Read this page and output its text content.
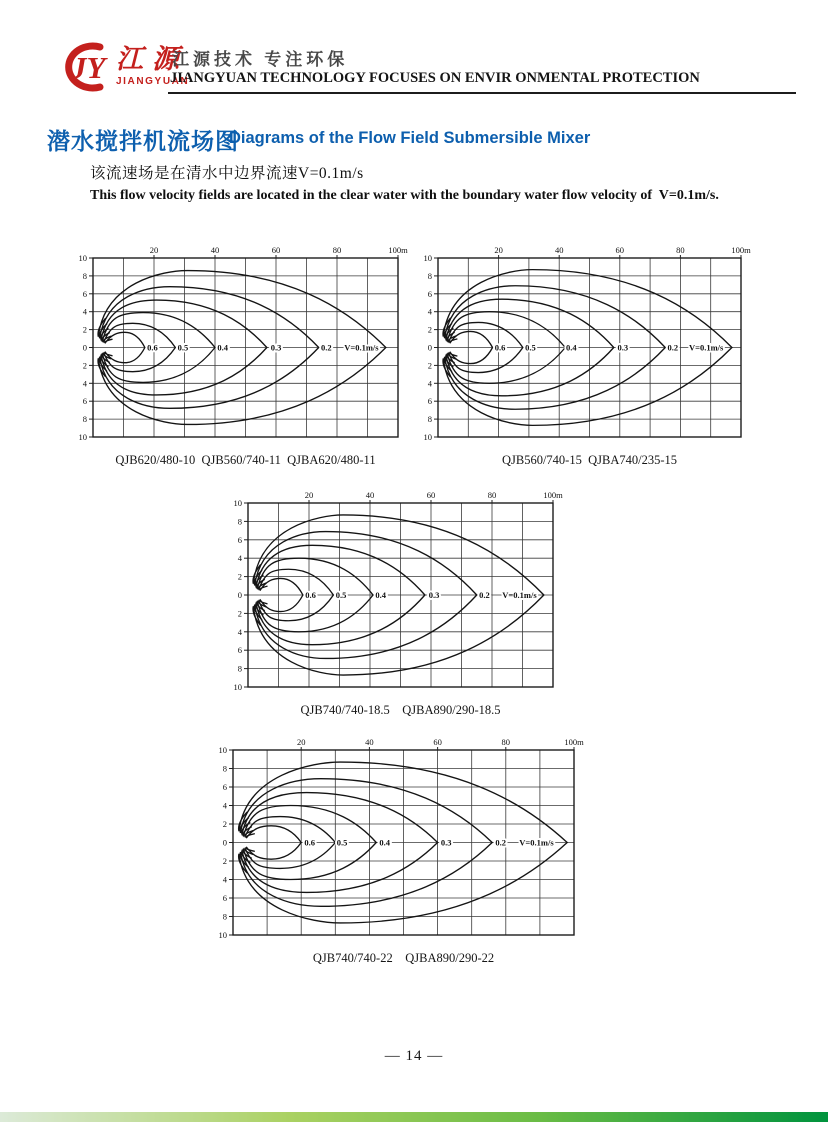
JY 江源
JIANGYUAN
江源技术 专注环保
JIANGYUAN TECHNOLOGY FOCUSES ON ENVIR ONMENTAL PROTECTION
潜水搅拌机流场图
Diagrams of the Flow Field Submersible Mixer
该流速场是在清水中边界流速V=0.1m/s
This flow velocity fields are located in the clear water with the boundary water flow velocity of  V=0.1m/s.
10
8
6
4
2
0
2
4
6
8
10
20	40	60	80	100m
0.6 0.5	0.4	0.3	0.2 V=0.1m/s
QJB620/480-10  QJB560/740-11  QJBA620/480-11
10
8
6
4
2
0
2
4
6
8
10
20	40	60	80	100m
0.6 0.5	0.4	0.3	0.2 V=0.1m/s
QJB560/740-15  QJBA740/235-15
10
8
6
4
2
0
2
4
6
8
10
20	40	60	80	100m
0.6 0.5	0.4	0.3	0.2 V=0.1m/s
QJB740/740-18.5    QJBA890/290-18.5
10
8
6
4
2
0
2
4
6
8
10
20	40	60	80	100m
0.6	0.5	0.4	0.3	0.2 V=0.1m/s
QJB740/740-22    QJBA890/290-22
— 14 —
